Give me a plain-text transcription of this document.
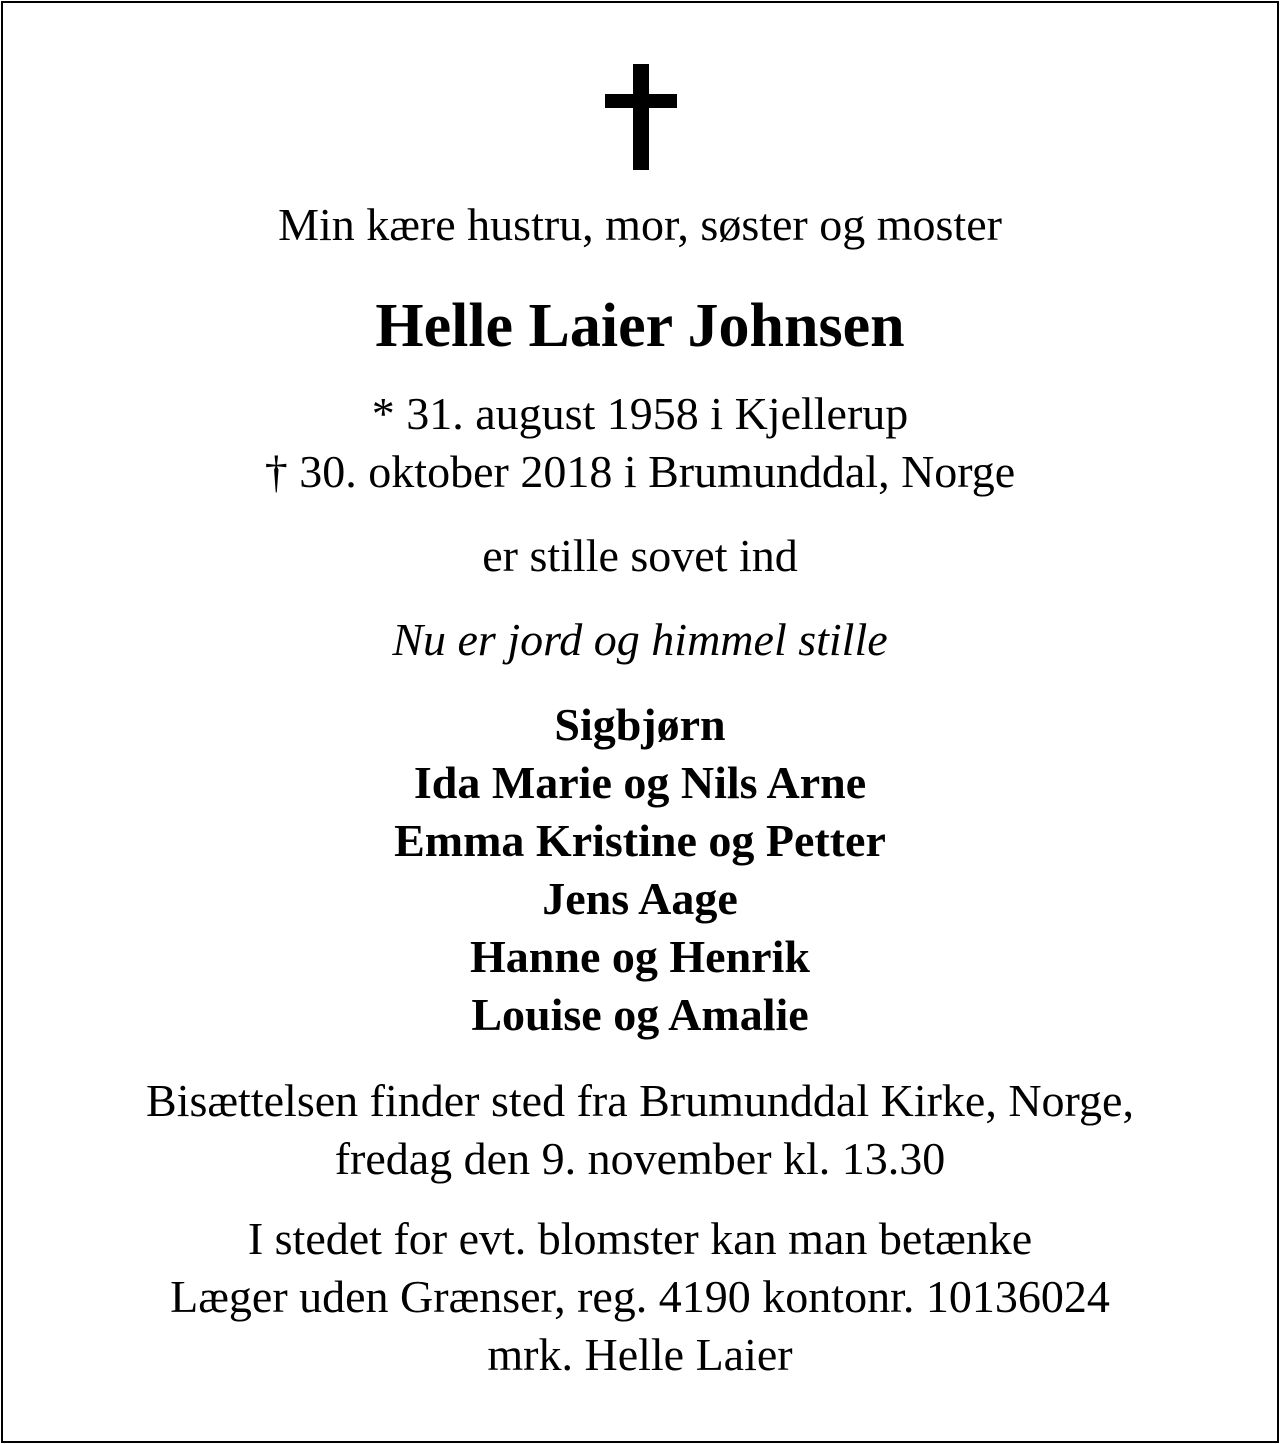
Min kære hustru, mor, søster og moster
Helle Laier Johnsen
* 31. august 1958 i Kjellerup
† 30. oktober 2018 i Brumunddal, Norge
er stille sovet ind
Nu er jord og himmel stille
Sigbjørn
Ida Marie og Nils Arne
Emma Kristine og Petter
Jens Aage
Hanne og Henrik
Louise og Amalie
Bisættelsen finder sted fra Brumunddal Kirke, Norge,
fredag den 9. november kl. 13.30
I stedet for evt. blomster kan man betænke
Læger uden Grænser, reg. 4190 kontonr. 10136024
mrk. Helle Laier
